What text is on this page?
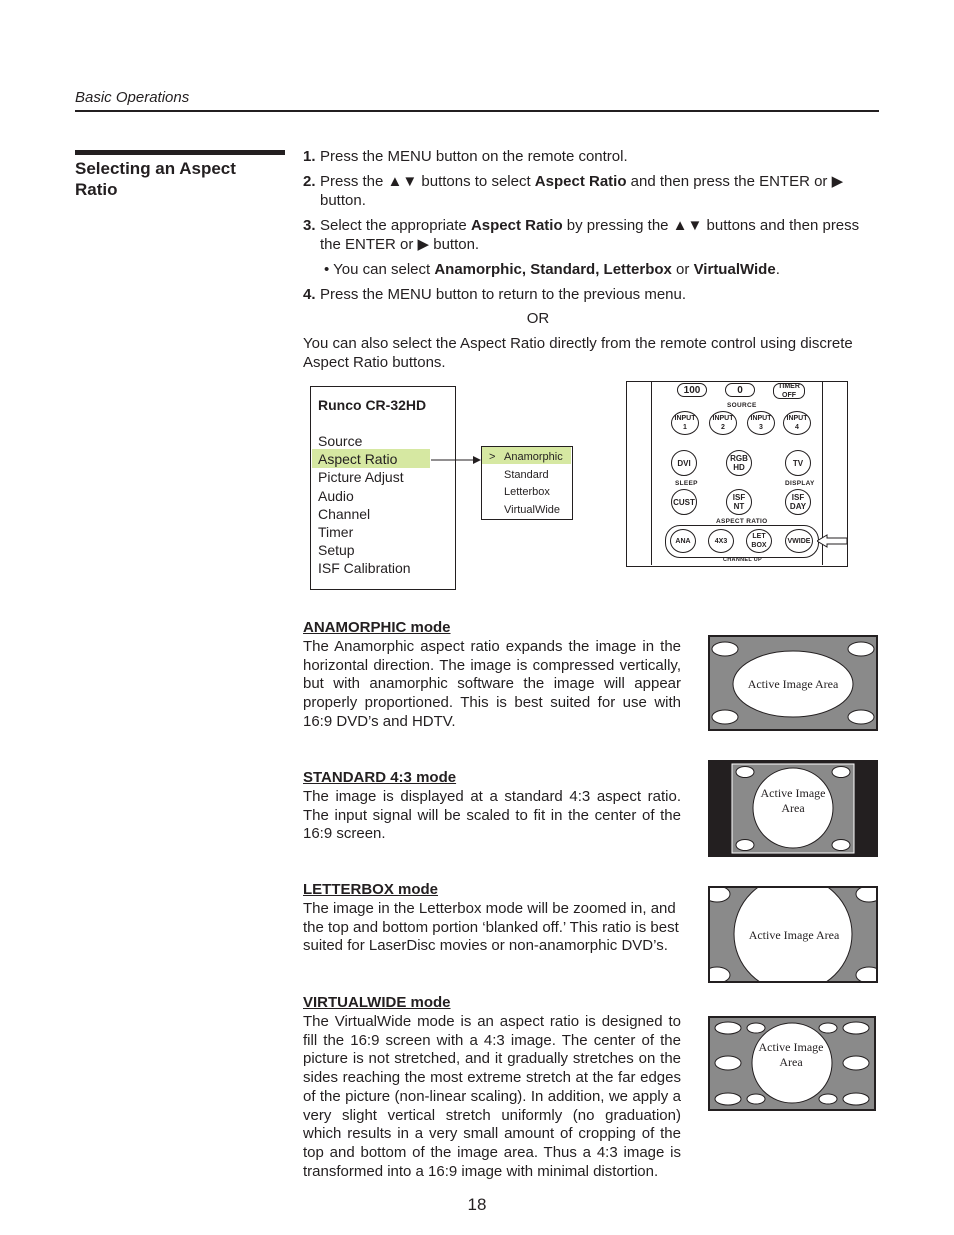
Basic Operations
Selecting an Aspect Ratio
1. Press the MENU button on the remote control.
2. Press the ▲▼ buttons to select Aspect Ratio and then press the ENTER or ▶ button.
3. Select the appropriate Aspect Ratio by pressing the ▲▼ buttons and then press the ENTER or ▶ button.
• You can select Anamorphic, Standard, Letterbox or VirtualWide.
4. Press the MENU button to return to the previous menu.
OR
You can also select the Aspect Ratio directly from the remote control using discrete Aspect Ratio buttons.
Runco CR-32HD
Source
Aspect Ratio
Picture Adjust
Audio
Channel
Timer
Setup
ISF Calibration
> Anamorphic
Standard
Letterbox
VirtualWide
100	0	TIMER OFF
SOURCE
INPUT 1
INPUT 2
INPUT 3
INPUT 4
DVI	RGB HD	TV
SLEEP	DISPLAY
CUST	ISF NT
ISF DAY
ASPECT RATIO
ANA	4X3
LET BOX
VWIDE
CHANNEL UP
ANAMORPHIC mode
The Anamorphic aspect ratio expands the image in the horizontal direction. The image is compressed vertically, but with anamorphic software the image will appear properly proportioned. This is best suited for use with 16:9 DVD’s and HDTV.
Active Image Area
STANDARD 4:3 mode
The image is displayed at a standard 4:3 aspect ratio. The input signal will be scaled to fit in the center of the 16:9 screen.
Active Image Area
LETTERBOX mode
The image in the Letterbox mode will be zoomed in, and the top and bottom portion ‘blanked off.’ This ratio is best suited for LaserDisc movies or non-anamorphic DVD’s.
Active Image Area
VIRTUALWIDE mode
The VirtualWide mode is an aspect ratio is designed to fill the 16:9 screen with a 4:3 image. The center of the picture is not stretched, and it gradually stretches on the sides reaching the most extreme stretch at the far edges of the picture (non-linear scaling). In addition, we apply a very slight vertical stretch uniformly (no graduation) which results in a very small amount of cropping of the top and bottom of the image area. Thus a 4:3 image is transformed into a 16:9 image with minimal distortion.
Active Image Area
18
